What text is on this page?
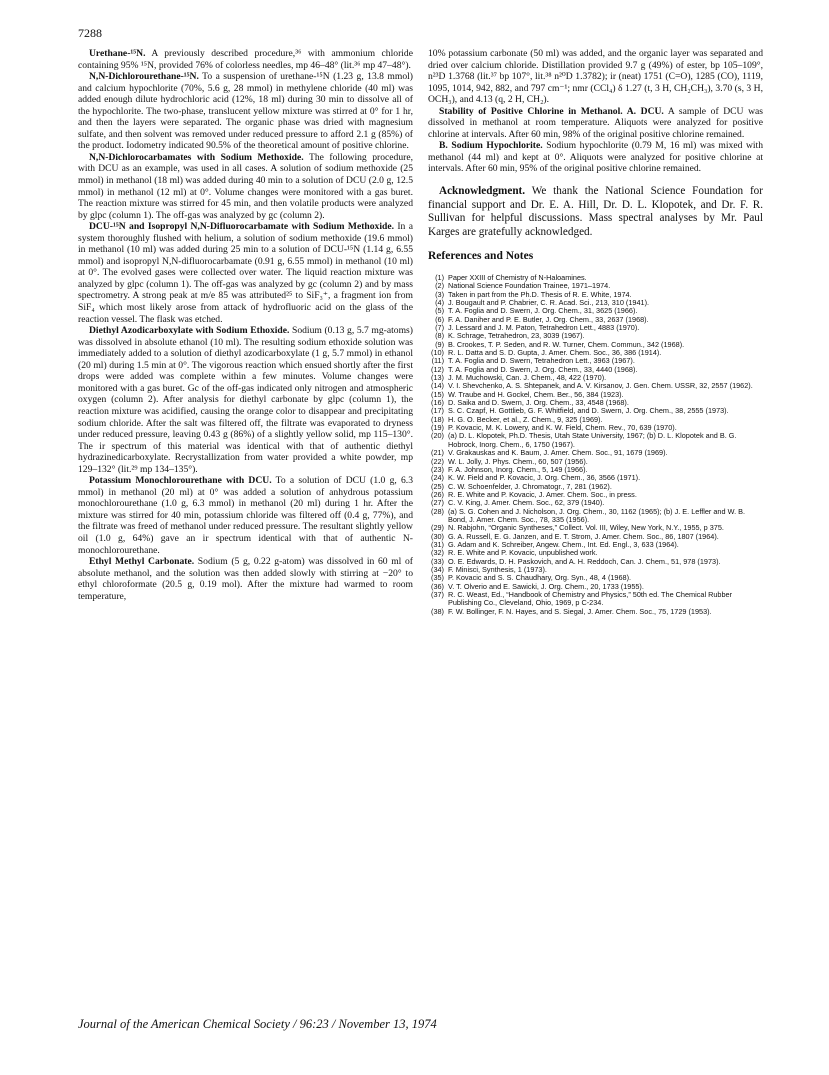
7288

Urethane-¹⁵N. A previously described procedure,³⁶ with ammonium chloride containing 95% ¹⁵N, provided 76% of colorless needles, mp 46–48° (lit.³⁶ mp 47–48°).

N,N-Dichlorourethane-¹⁵N. To a suspension of urethane-¹⁵N (1.23 g, 13.8 mmol) and calcium hypochlorite (70%, 5.6 g, 28 mmol) in methylene chloride (40 ml) was added enough dilute hydrochloric acid (12%, 18 ml) during 30 min to dissolve all of the hypochlorite. The two-phase, translucent yellow mixture was stirred at 0° for 1 hr, and then the layers were separated. The organic phase was dried with magnesium sulfate, and then solvent was removed under reduced pressure to afford 2.1 g (85%) of the product. Iodometry indicated 90.5% of the theoretical amount of positive chlorine.

N,N-Dichlorocarbamates with Sodium Methoxide. The following procedure, with DCU as an example, was used in all cases. A solution of sodium methoxide (25 mmol) in methanol (18 ml) was added during 40 min to a solution of DCU (2.0 g, 12.5 mmol) in methanol (12 ml) at 0°. Volume changes were monitored with a gas buret. The reaction mixture was stirred for 45 min, and then volatile products were analyzed by glpc (column 1). The off-gas was analyzed by gc (column 2).

DCU-¹⁵N and Isopropyl N,N-Difluorocarbamate with Sodium Methoxide. In a system thoroughly flushed with helium, a solution of sodium methoxide (19.6 mmol) in methanol (10 ml) was added during 25 min to a solution of DCU-¹⁵N (1.14 g, 6.55 mmol) and isopropyl N,N-difluorocarbamate (0.91 g, 6.55 mmol) in methanol (10 ml) at 0°. The evolved gases were collected over water. The liquid reaction mixture was analyzed by glpc (column 1). The off-gas was analyzed by gc (column 2) and by mass spectrometry. A strong peak at m/e 85 was attributed²⁵ to SiF₃⁺, a fragment ion from SiF₄ which most likely arose from attack of hydrofluoric acid on the glass of the reaction vessel. The flask was etched.

Diethyl Azodicarboxylate with Sodium Ethoxide. Sodium (0.13 g, 5.7 mg-atoms) was dissolved in absolute ethanol (10 ml). The resulting sodium ethoxide solution was immediately added to a solution of diethyl azodicarboxylate (1 g, 5.7 mmol) in ethanol (20 ml) during 1.5 min at 0°. The vigorous reaction which ensued shortly after the first drops were added was complete within a few minutes. Volume changes were monitored with a gas buret. Gc of the off-gas indicated only nitrogen and atmospheric oxygen (column 2). After analysis for diethyl carbonate by glpc (column 1), the reaction mixture was acidified, causing the orange color to disappear and precipitating sodium chloride. After the salt was filtered off, the filtrate was evaporated to dryness under reduced pressure, leaving 0.43 g (86%) of a slightly yellow solid, mp 115–130°. The ir spectrum of this material was identical with that of authentic diethyl hydrazinedicarboxylate. Recrystallization from water provided a white powder, mp 129–132° (lit.²⁹ mp 134–135°).

Potassium Monochlorourethane with DCU. To a solution of DCU (1.0 g, 6.3 mmol) in methanol (20 ml) at 0° was added a solution of anhydrous potassium monochlorourethane (1.0 g, 6.3 mmol) in methanol (20 ml) during 1 hr. After the mixture was stirred for 40 min, potassium chloride was filtered off (0.4 g, 77%), and the filtrate was freed of methanol under reduced pressure. The resultant slightly yellow oil (1.0 g, 64%) gave an ir spectrum identical with that of authentic N-monochlorourethane.

Ethyl Methyl Carbonate. Sodium (5 g, 0.22 g-atom) was dissolved in 60 ml of absolute methanol, and the solution was then added slowly with stirring at −20° to ethyl chloroformate (20.5 g, 0.19 mol). After the mixture had warmed to room temperature,

10% potassium carbonate (50 ml) was added, and the organic layer was separated and dried over calcium chloride. Distillation provided 9.7 g (49%) of ester, bp 105–109°, n²³D 1.3768 (lit.³⁷ bp 107°, lit.³⁸ n²⁰D 1.3782); ir (neat) 1751 (C=O), 1285 (CO), 1119, 1095, 1014, 942, 882, and 797 cm⁻¹; nmr (CCl₄) δ 1.27 (t, 3 H, CH₂CH₃), 3.70 (s, 3 H, OCH₃), and 4.13 (q, 2 H, CH₂).

Stability of Positive Chlorine in Methanol. A. DCU. A sample of DCU was dissolved in methanol at room temperature. Aliquots were analyzed for positive chlorine at intervals. After 60 min, 98% of the original positive chlorine remained.

B. Sodium Hypochlorite. Sodium hypochlorite (0.79 M, 16 ml) was mixed with methanol (44 ml) and kept at 0°. Aliquots were analyzed for positive chlorine at intervals. After 60 min, 95% of the original positive chlorine remained.

Acknowledgment. We thank the National Science Foundation for financial support and Dr. E. A. Hill, Dr. D. L. Klopotek, and Dr. F. R. Sullivan for helpful discussions. Mass spectral analyses by Mr. Paul Karges are gratefully acknowledged.

References and Notes
(1) Paper XXIII of Chemistry of N-Haloamines.
(2) National Science Foundation Trainee, 1971–1974.
(3) Taken in part from the Ph.D. Thesis of R. E. White, 1974.
(4) J. Bougault and P. Chabrier, C. R. Acad. Sci., 213, 310 (1941).
(5) T. A. Foglia and D. Swern, J. Org. Chem., 31, 3625 (1966).
(6) F. A. Daniher and P. E. Butler, J. Org. Chem., 33, 2637 (1968).
(7) J. Lessard and J. M. Paton, Tetrahedron Lett., 4883 (1970).
(8) K. Schrage, Tetrahedron, 23, 3039 (1967).
(9) B. Crookes, T. P. Seden, and R. W. Turner, Chem. Commun., 342 (1968).
(10) R. L. Datta and S. D. Gupta, J. Amer. Chem. Soc., 36, 386 (1914).
(11) T. A. Foglia and D. Swern, Tetrahedron Lett., 3963 (1967).
(12) T. A. Foglia and D. Swern, J. Org. Chem., 33, 4440 (1968).
(13) J. M. Muchowski, Can. J. Chem., 48, 422 (1970).
(14) V. I. Shevchenko, A. S. Shtepanek, and A. V. Kirsanov, J. Gen. Chem. USSR, 32, 2557 (1962).
(15) W. Traube and H. Gockel, Chem. Ber., 56, 384 (1923).
(16) D. Saika and D. Swern, J. Org. Chem., 33, 4548 (1968).
(17) S. C. Czapf, H. Gottlieb, G. F. Whitfield, and D. Swern, J. Org. Chem., 38, 2555 (1973).
(18) H. G. O. Becker, et al., Z. Chem., 9, 325 (1969).
(19) P. Kovacic, M. K. Lowery, and K. W. Field, Chem. Rev., 70, 639 (1970).
(20) (a) D. L. Klopotek, Ph.D. Thesis, Utah State University, 1967; (b) D. L. Klopotek and B. G. Hobrock, Inorg. Chem., 6, 1750 (1967).
(21) V. Grakauskas and K. Baum, J. Amer. Chem. Soc., 91, 1679 (1969).
(22) W. L. Jolly, J. Phys. Chem., 60, 507 (1956).
(23) F. A. Johnson, Inorg. Chem., 5, 149 (1966).
(24) K. W. Field and P. Kovacic, J. Org. Chem., 36, 3566 (1971).
(25) C. W. Schoenfelder, J. Chromatogr., 7, 281 (1962).
(26) R. E. White and P. Kovacic, J. Amer. Chem. Soc., in press.
(27) C. V. King, J. Amer. Chem. Soc., 62, 379 (1940).
(28) (a) S. G. Cohen and J. Nicholson, J. Org. Chem., 30, 1162 (1965); (b) J. E. Leffler and W. B. Bond, J. Amer. Chem. Soc., 78, 335 (1956).
(29) N. Rabjohn, “Organic Syntheses,” Collect. Vol. III, Wiley, New York, N.Y., 1955, p 375.
(30) G. A. Russell, E. G. Janzen, and E. T. Strom, J. Amer. Chem. Soc., 86, 1807 (1964).
(31) G. Adam and K. Schreiber, Angew. Chem., Int. Ed. Engl., 3, 633 (1964).
(32) R. E. White and P. Kovacic, unpublished work.
(33) O. E. Edwards, D. H. Paskovich, and A. H. Reddoch, Can. J. Chem., 51, 978 (1973).
(34) F. Minisci, Synthesis, 1 (1973).
(35) P. Kovacic and S. S. Chaudhary, Org. Syn., 48, 4 (1968).
(36) V. T. Olverio and E. Sawicki, J. Org. Chem., 20, 1733 (1955).
(37) R. C. Weast, Ed., “Handbook of Chemistry and Physics,” 50th ed. The Chemical Rubber Publishing Co., Cleveland, Ohio, 1969, p C-234.
(38) F. W. Bollinger, F. N. Hayes, and S. Siegal, J. Amer. Chem. Soc., 75, 1729 (1953).
Journal of the American Chemical Society / 96:23 / November 13, 1974
